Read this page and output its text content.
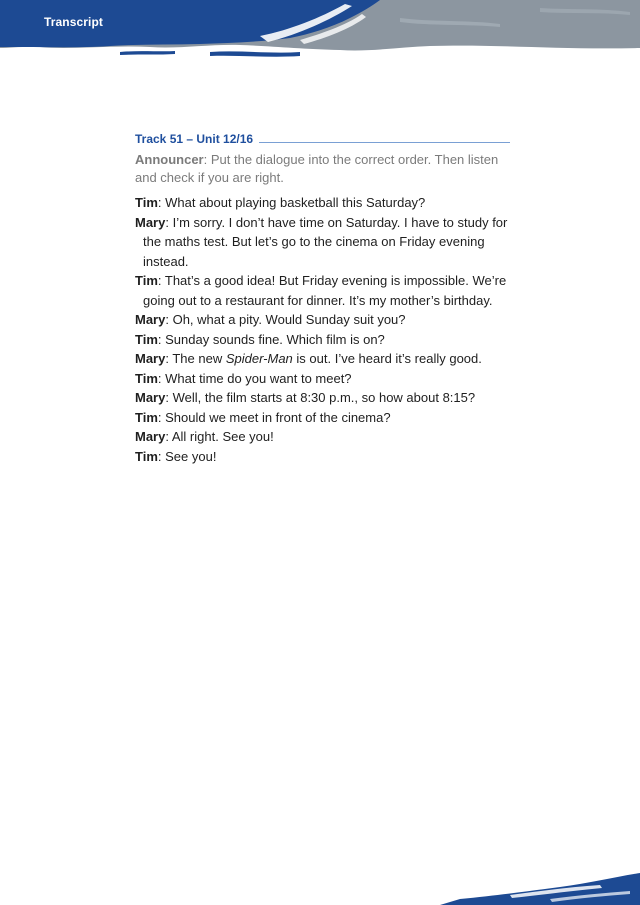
Transcript
Track 51 – Unit 12/16
Announcer: Put the dialogue into the correct order. Then listen and check if you are right.
Tim: What about playing basketball this Saturday?
Mary: I’m sorry. I don’t have time on Saturday. I have to study for the maths test. But let’s go to the cinema on Friday evening instead.
Tim: That’s a good idea! But Friday evening is impossible. We’re going out to a restaurant for dinner. It’s my mother’s birthday.
Mary: Oh, what a pity. Would Sunday suit you?
Tim: Sunday sounds fine. Which film is on?
Mary: The new Spider-Man is out. I’ve heard it’s really good.
Tim: What time do you want to meet?
Mary: Well, the film starts at 8:30 p.m., so how about 8:15?
Tim: Should we meet in front of the cinema?
Mary: All right. See you!
Tim: See you!
